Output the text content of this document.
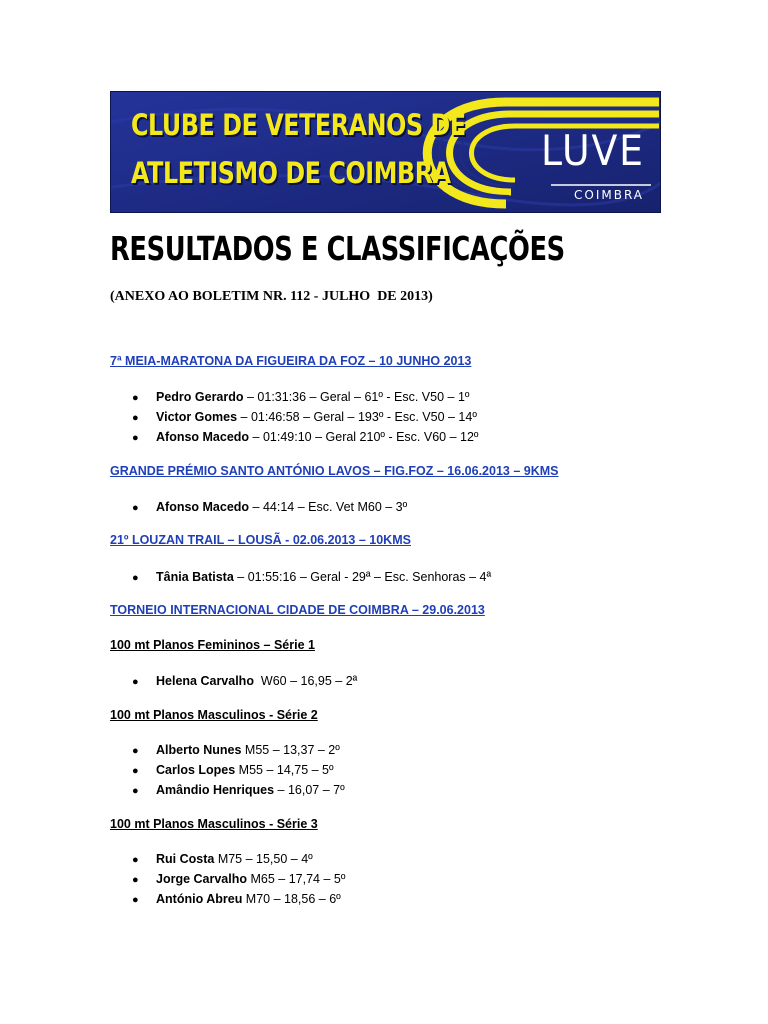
CLUBE DE VETERANOS DE
ATLETISMO DE COIMBRA LUVE
COIMBRA
RESULTADOS E CLASSIFICAÇÕES
(ANEXO AO BOLETIM NR. 112 - JULHO  DE 2013)
7ª MEIA-MARATONA DA FIGUEIRA DA FOZ – 10 JUNHO 2013
● Pedro Gerardo – 01:31:36 – Geral – 61º - Esc. V50 – 1º
● Victor Gomes – 01:46:58 – Geral – 193º - Esc. V50 – 14º
● Afonso Macedo – 01:49:10 – Geral 210º - Esc. V60 – 12º
GRANDE PRÉMIO SANTO ANTÓNIO LAVOS – FIG.FOZ – 16.06.2013 – 9KMS
● Afonso Macedo – 44:14 – Esc. Vet M60 – 3º
21º LOUZAN TRAIL – LOUSÃ - 02.06.2013 – 10KMS
● Tânia Batista – 01:55:16 – Geral - 29ª – Esc. Senhoras – 4ª
TORNEIO INTERNACIONAL CIDADE DE COIMBRA – 29.06.2013
100 mt Planos Femininos – Série 1
● Helena Carvalho  W60 – 16,95 – 2ª
100 mt Planos Masculinos - Série 2
● Alberto Nunes M55 – 13,37 – 2º
● Carlos Lopes M55 – 14,75 – 5º
● Amândio Henriques – 16,07 – 7º
100 mt Planos Masculinos - Série 3
● Rui Costa M75 – 15,50 – 4º
● Jorge Carvalho M65 – 17,74 – 5º
● António Abreu M70 – 18,56 – 6º
